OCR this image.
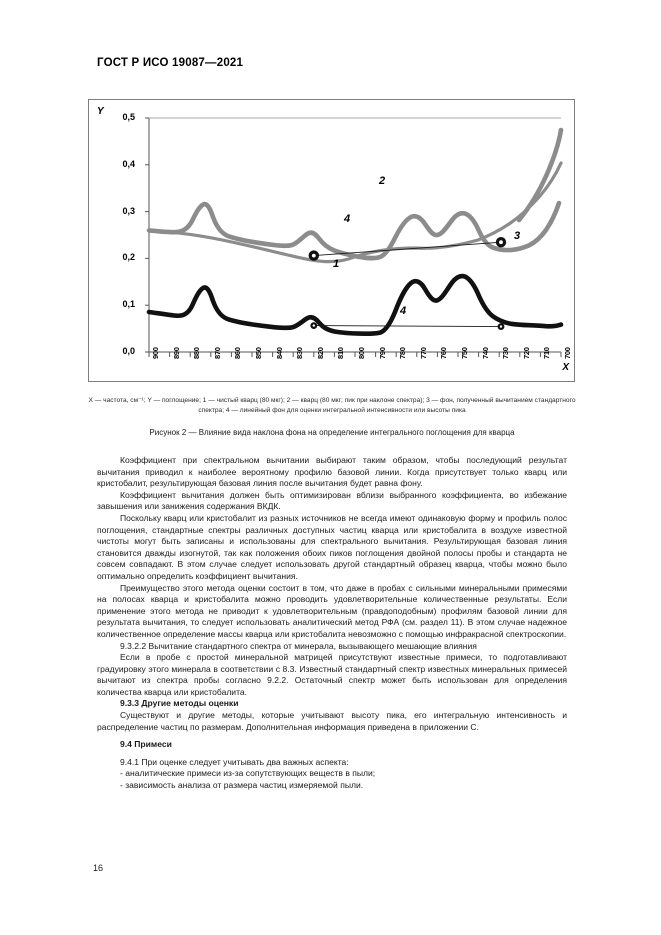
ГОСТ Р ИСО 19087—2021
Y
X
0,5
0,4
0,3
0,2
0,1
0,0 900 890 880 870 860 850 840 830 820 810 800 790 780 770 760 750 740 730 720 710 700
2
4
3
1
4
X — частота, см⁻¹; Y — поглощение; 1 — чистый кварц (80 мкг); 2 — кварц (80 мкг; пик при наклоне спектра); 3 — фон, полученный вычитанием стандартного спектра; 4 — линейный фон для оценки интегральной интенсивности или высоты пика
Рисунок 2 — Влияние вида наклона фона на определение интегрального поглощения для кварца

Коэффициент при спектральном вычитании выбирают таким образом, чтобы последующий результат вычитания приводил к наиболее вероятному профилю базовой линии. Когда присутствует только кварц или кристобалит, результирующая базовая линия после вычитания будет равна фону.

Коэффициент вычитания должен быть оптимизирован вблизи выбранного коэффициента, во избежание завышения или занижения содержания ВКДК.

Поскольку кварц или кристобалит из разных источников не всегда имеют одинаковую форму и профиль полос поглощения, стандартные спектры различных доступных частиц кварца или кристобалита в воздухе известной чистоты могут быть записаны и использованы для спектрального вычитания. Результирующая базовая линия становится дважды изогнутой, так как положения обоих пиков поглощения двойной полосы пробы и стандарта не совсем совпадают. В этом случае следует использовать другой стандартный образец кварца, чтобы можно было оптимально определить коэффициент вычитания.

Преимущество этого метода оценки состоит в том, что даже в пробах с сильными минеральными примесями на полосах кварца и кристобалита можно проводить удовлетворительные количественные результаты. Если применение этого метода не приводит к удовлетворительным (правдоподобным) профилям базовой линии для результата вычитания, то следует использовать аналитический метод РФА (см. раздел 11). В этом случае надежное количественное определение массы кварца или кристобалита невозможно с помощью инфракрасной спектроскопии.

9.3.2.2 Вычитание стандартного спектра от минерала, вызывающего мешающие влияния

Если в пробе с простой минеральной матрицей присутствуют известные примеси, то подготавливают градуировку этого минерала в соответствии с 8.3. Известный стандартный спектр известных минеральных примесей вычитают из спектра пробы согласно 9.2.2. Остаточный спектр может быть использован для определения количества кварца или кристобалита.

9.3.3 Другие методы оценки

Существуют и другие методы, которые учитывают высоту пика, его интегральную интенсивность и распределение частиц по размерам. Дополнительная информация приведена в приложении С.

9.4 Примеси

9.4.1 При оценке следует учитывать два важных аспекта:

- аналитические примеси из-за сопутствующих веществ в пыли;

- зависимость анализа от размера частиц измеряемой пыли.

16
